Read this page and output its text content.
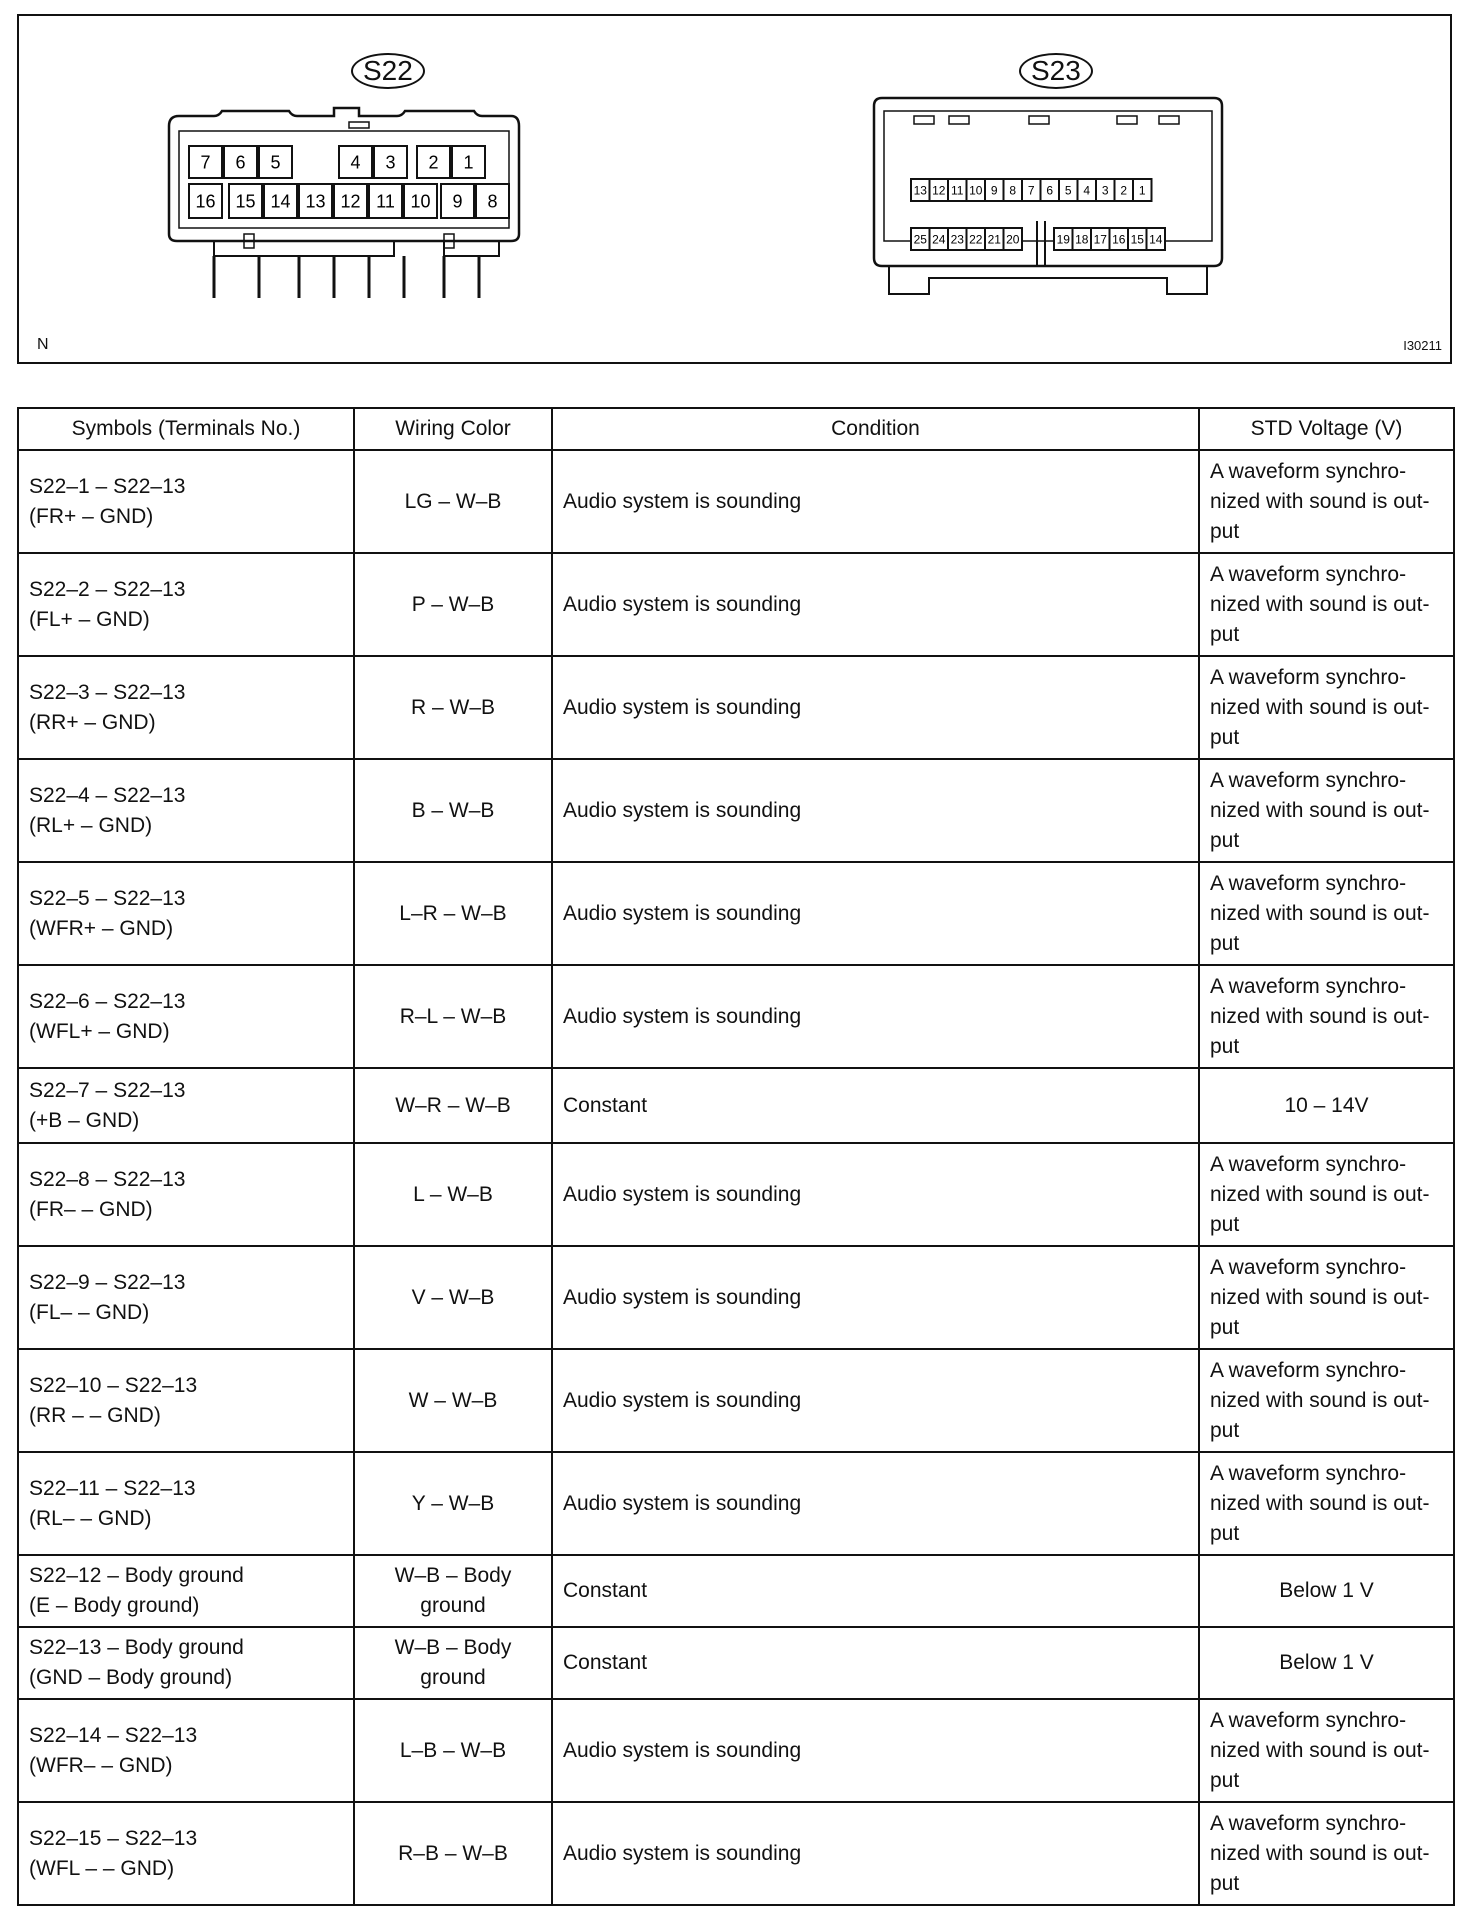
7 6 5	4 3 2 1
16 15 14 13 12 11 10 9 8
13 12 11 10 9 8 7 6 5 4 3 2 1
25 24 23 22 21 20	19 18 17 16 15 14
S22	S23
N	I30211
Symbols (Terminals No.)	Wiring Color	Condition	STD Voltage (V)

S22–1 – S22–13
(FR+ – GND)	LG – W–B	Audio system is sounding	A waveform synchro-nized with sound is out-put

S22–2 – S22–13
(FL+ – GND)	P – W–B	Audio system is sounding	A waveform synchro-nized with sound is out-put

S22–3 – S22–13
(RR+ – GND)	R – W–B	Audio system is sounding	A waveform synchro-nized with sound is out-put

S22–4 – S22–13
(RL+ – GND)	B – W–B	Audio system is sounding	A waveform synchro-nized with sound is out-put

S22–5 – S22–13
(WFR+ – GND)	L–R – W–B	Audio system is sounding	A waveform synchro-nized with sound is out-put

S22–6 – S22–13
(WFL+ – GND)	R–L – W–B	Audio system is sounding	A waveform synchro-nized with sound is out-put

S22–7 – S22–13
(+B – GND)	W–R – W–B	Constant	10 – 14V

S22–8 – S22–13
(FR– – GND)	L – W–B	Audio system is sounding	A waveform synchro-nized with sound is out-put

S22–9 – S22–13
(FL– – GND)	V – W–B	Audio system is sounding	A waveform synchro-nized with sound is out-put

S22–10 – S22–13
(RR – – GND)	W – W–B	Audio system is sounding	A waveform synchro-nized with sound is out-put

S22–11 – S22–13
(RL– – GND)	Y – W–B	Audio system is sounding	A waveform synchro-nized with sound is out-put

S22–12 – Body ground
(E – Body ground)	W–B – Body ground	Constant	Below 1 V

S22–13 – Body ground
(GND – Body ground)	W–B – Body ground	Constant	Below 1 V

S22–14 – S22–13
(WFR– – GND)	L–B – W–B	Audio system is sounding	A waveform synchro-nized with sound is out-put

S22–15 – S22–13
(WFL – – GND)	R–B – W–B	Audio system is sounding	A waveform synchro-nized with sound is out-put
